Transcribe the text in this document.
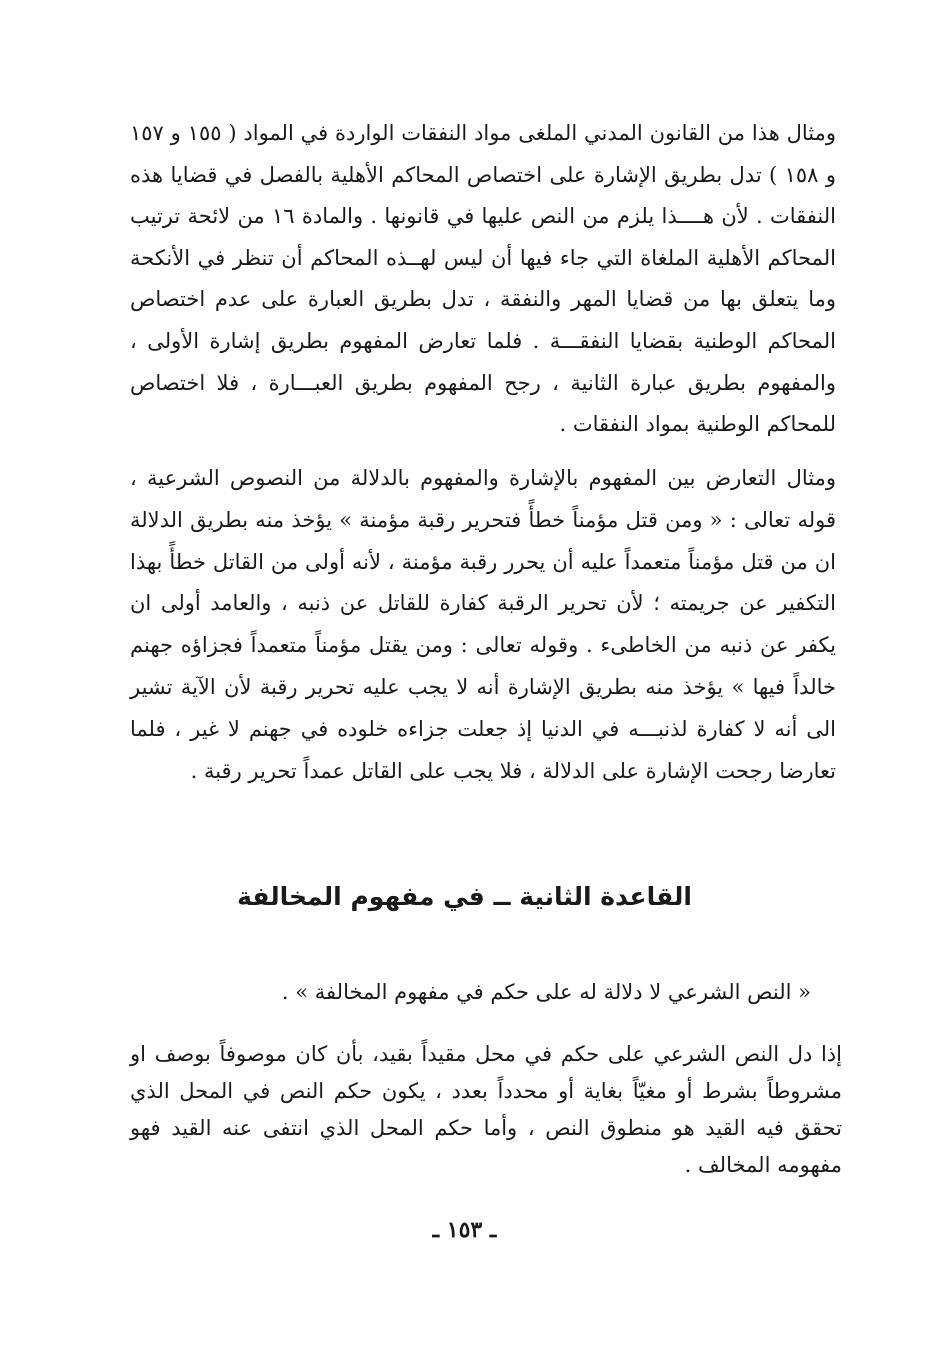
ومثال هذا من القانون المدني الملغى مواد النفقات الواردة في المواد ( ١٥٥ و ١٥٧ و ١٥٨ ) تدل بطريق الإشارة على اختصاص المحاكم الأهلية بالفصل في قضايا هذه النفقات . لأن هــــذا يلزم من النص عليها في قانونها . والمادة ١٦ من لائحة ترتيب المحاكم الأهلية الملغاة التي جاء فيها أن ليس لهــذه المحاكم أن تنظر في الأنكحة وما يتعلق بها من قضايا المهر والنفقة ، تدل بطريق العبارة على عدم اختصاص المحاكم الوطنية بقضايا النفقـــة . فلما تعارض المفهوم بطريق إشارة الأولى ، والمفهوم بطريق عبارة الثانية ، رجح المفهوم بطريق العبـــارة ، فلا اختصاص للمحاكم الوطنية بمواد النفقات .

ومثال التعارض بين المفهوم بالإشارة والمفهوم بالدلالة من النصوص الشرعية ، قوله تعالى : « ومن قتل مؤمناً خطأً فتحرير رقبة مؤمنة » يؤخذ منه بطريق الدلالة ان من قتل مؤمناً متعمداً عليه أن يحرر رقبة مؤمنة ، لأنه أولى من القاتل خطأً بهذا التكفير عن جريمته ؛ لأن تحرير الرقبة كفارة للقاتل عن ذنبه ، والعامد أولى ان يكفر عن ذنبه من الخاطىء . وقوله تعالى : ومن يقتل مؤمناً متعمداً فجزاؤه جهنم خالداً فيها » يؤخذ منه بطريق الإشارة أنه لا يجب عليه تحرير رقبة لأن الآية تشير الى أنه لا كفارة لذنبـــه في الدنيا إذ جعلت جزاءه خلوده في جهنم لا غير ، فلما تعارضا رجحت الإشارة على الدلالة ، فلا يجب على القاتل عمداً تحرير رقبة .

القاعدة الثانية ــ في مفهوم المخالفة

« النص الشرعي لا دلالة له على حكم في مفهوم المخالفة » .

إذا دل النص الشرعي على حكم في محل مقيداً بقيد، بأن كان موصوفاً بوصف او مشروطاً بشرط أو مغيّاً بغاية أو محدداً بعدد ، يكون حكم النص في المحل الذي تحقق فيه القيد هو منطوق النص ، وأما حكم المحل الذي انتفى عنه القيد فهو مفهومه المخالف .

ـ ١٥٣ ـ
